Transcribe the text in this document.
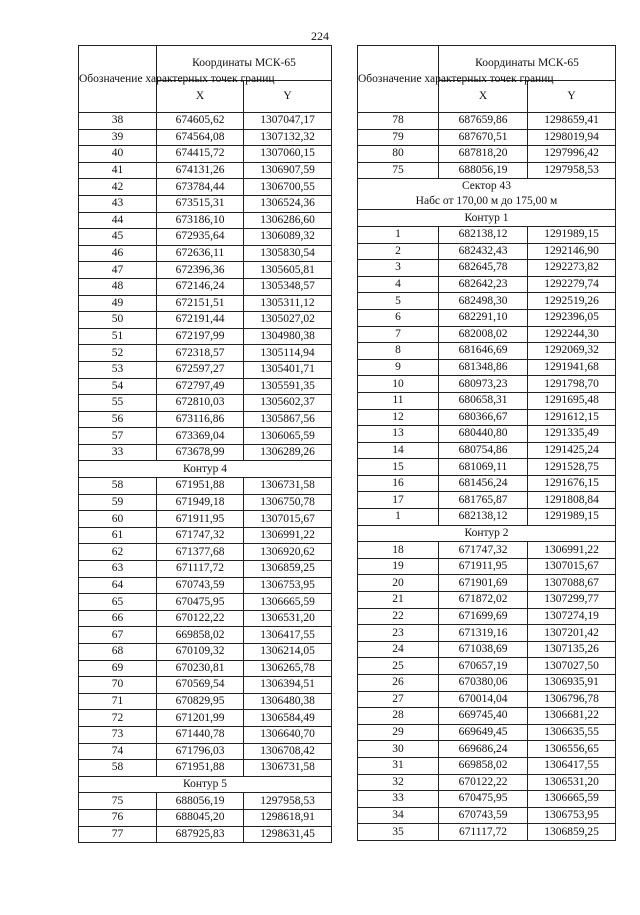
224
Обозначение характерных точек границ	Координаты МСК-65	
	X	Y
38	674605,62	1307047,17
39	674564,08	1307132,32
40	674415,72	1307060,15
41	674131,26	1306907,59
42	673784,44	1306700,55
43	673515,31	1306524,36
44	673186,10	1306286,60
45	672935,64	1306089,32
46	672636,11	1305830,54
47	672396,36	1305605,81
48	672146,24	1305348,57
49	672151,51	1305311,12
50	672191,44	1305027,02
51	672197,99	1304980,38
52	672318,57	1305114,94
53	672597,27	1305401,71
54	672797,49	1305591,35
55	672810,03	1305602,37
56	673116,86	1305867,56
57	673369,04	1306065,59
33	673678,99	1306289,26
Контур 4		
58	671951,88	1306731,58
59	671949,18	1306750,78
60	671911,95	1307015,67
61	671747,32	1306991,22
62	671377,68	1306920,62
63	671117,72	1306859,25
64	670743,59	1306753,95
65	670475,95	1306665,59
66	670122,22	1306531,20
67	669858,02	1306417,55
68	670109,32	1306214,05
69	670230,81	1306265,78
70	670569,54	1306394,51
71	670829,95	1306480,38
72	671201,99	1306584,49
73	671440,78	1306640,70
74	671796,03	1306708,42
58	671951,88	1306731,58
Контур 5		
75	688056,19	1297958,53
76	688045,20	1298618,91
77	687925,83	1298631,45
Обозначение характерных точек границ	Координаты МСК-65	
	X	Y
78	687659,86	1298659,41
79	687670,51	1298019,94
80	687818,20	1297996,42
75	688056,19	1297958,53

Сектор 43
Набс от 170,00 м до 175,00 м		

Контур 1		
1	682138,12	1291989,15
2	682432,43	1292146,90
3	682645,78	1292273,82
4	682642,23	1292279,74
5	682498,30	1292519,26
6	682291,10	1292396,05
7	682008,02	1292244,30
8	681646,69	1292069,32
9	681348,86	1291941,68
10	680973,23	1291798,70
11	680658,31	1291695,48
12	680366,67	1291612,15
13	680440,80	1291335,49
14	680754,86	1291425,24
15	681069,11	1291528,75
16	681456,24	1291676,15
17	681765,87	1291808,84
1	682138,12	1291989,15
Контур 2		
18	671747,32	1306991,22
19	671911,95	1307015,67
20	671901,69	1307088,67
21	671872,02	1307299,77
22	671699,69	1307274,19
23	671319,16	1307201,42
24	671038,69	1307135,26
25	670657,19	1307027,50
26	670380,06	1306935,91
27	670014,04	1306796,78
28	669745,40	1306681,22
29	669649,45	1306635,55
30	669686,24	1306556,65
31	669858,02	1306417,55
32	670122,22	1306531,20
33	670475,95	1306665,59
34	670743,59	1306753,95
35	671117,72	1306859,25
